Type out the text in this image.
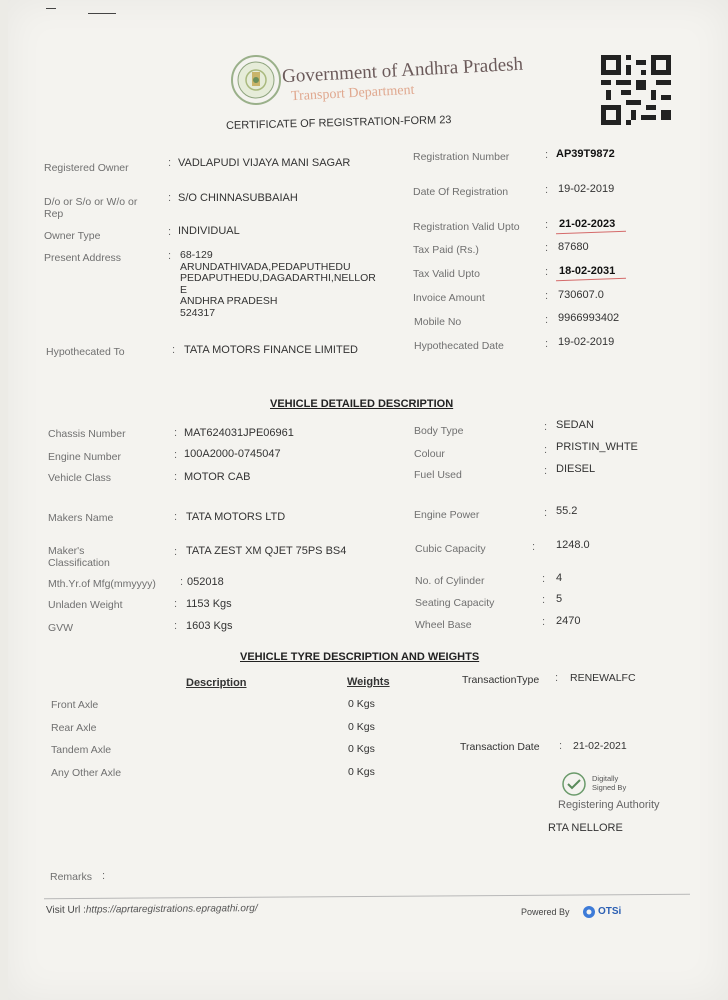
Government of Andhra Pradesh
Transport Department
CERTIFICATE OF REGISTRATION-FORM 23
Registered Owner	: VADLAPUDI VIJAYA MANI SAGAR
D/o or S/o or W/o or
Rep
: S/O CHINNASUBBAIAH
Owner Type	: INDIVIDUAL
Present Address	: 68-129
ARUNDATHIVADA,PEDAPUTHEDU
PEDAPUTHEDU,DAGADARTHI,NELLOR
E
ANDHRA PRADESH
524317
Hypothecated To	: TATA MOTORS FINANCE LIMITED
Registration Number	: AP39T9872
Date Of Registration	: 19-02-2019
Registration Valid Upto : 21-02-2023
Tax Paid (Rs.)	: 87680
Tax Valid Upto	: 18-02-2031
Invoice Amount	: 730607.0
Mobile No	: 9966993402
Hypothecated Date	: 19-02-2019
VEHICLE DETAILED DESCRIPTION
Chassis Number	: MAT624031JPE06961
Engine Number	: 100A2000-0745047
Vehicle Class	: MOTOR CAB
Makers Name	: TATA MOTORS LTD
Maker's
Classification
: TATA ZEST XM QJET 75PS BS4
Mth.Yr.of Mfg(mmyyyy) : 052018
Unladen Weight	: 1153 Kgs
GVW	: 1603 Kgs
Body Type	: SEDAN
Colour	: PRISTIN_WHTE
Fuel Used	: DIESEL
Engine Power	: 55.2
Cubic Capacity	: 1248.0
No. of Cylinder	: 4
Seating Capacity	: 5
Wheel Base	: 2470
VEHICLE TYRE DESCRIPTION AND WEIGHTS
Description	Weights
Front Axle	0 Kgs
Rear Axle	0 Kgs
Tandem Axle	0 Kgs
Any Other Axle	0 Kgs
TransactionType : RENEWALFC
Transaction Date : 21-02-2021
Digitally
Signed By
Registering Authority
RTA NELLORE
Remarks :
Visit Url :https://aprtaregistrations.epragathi.org/	Powered By	OTSi
